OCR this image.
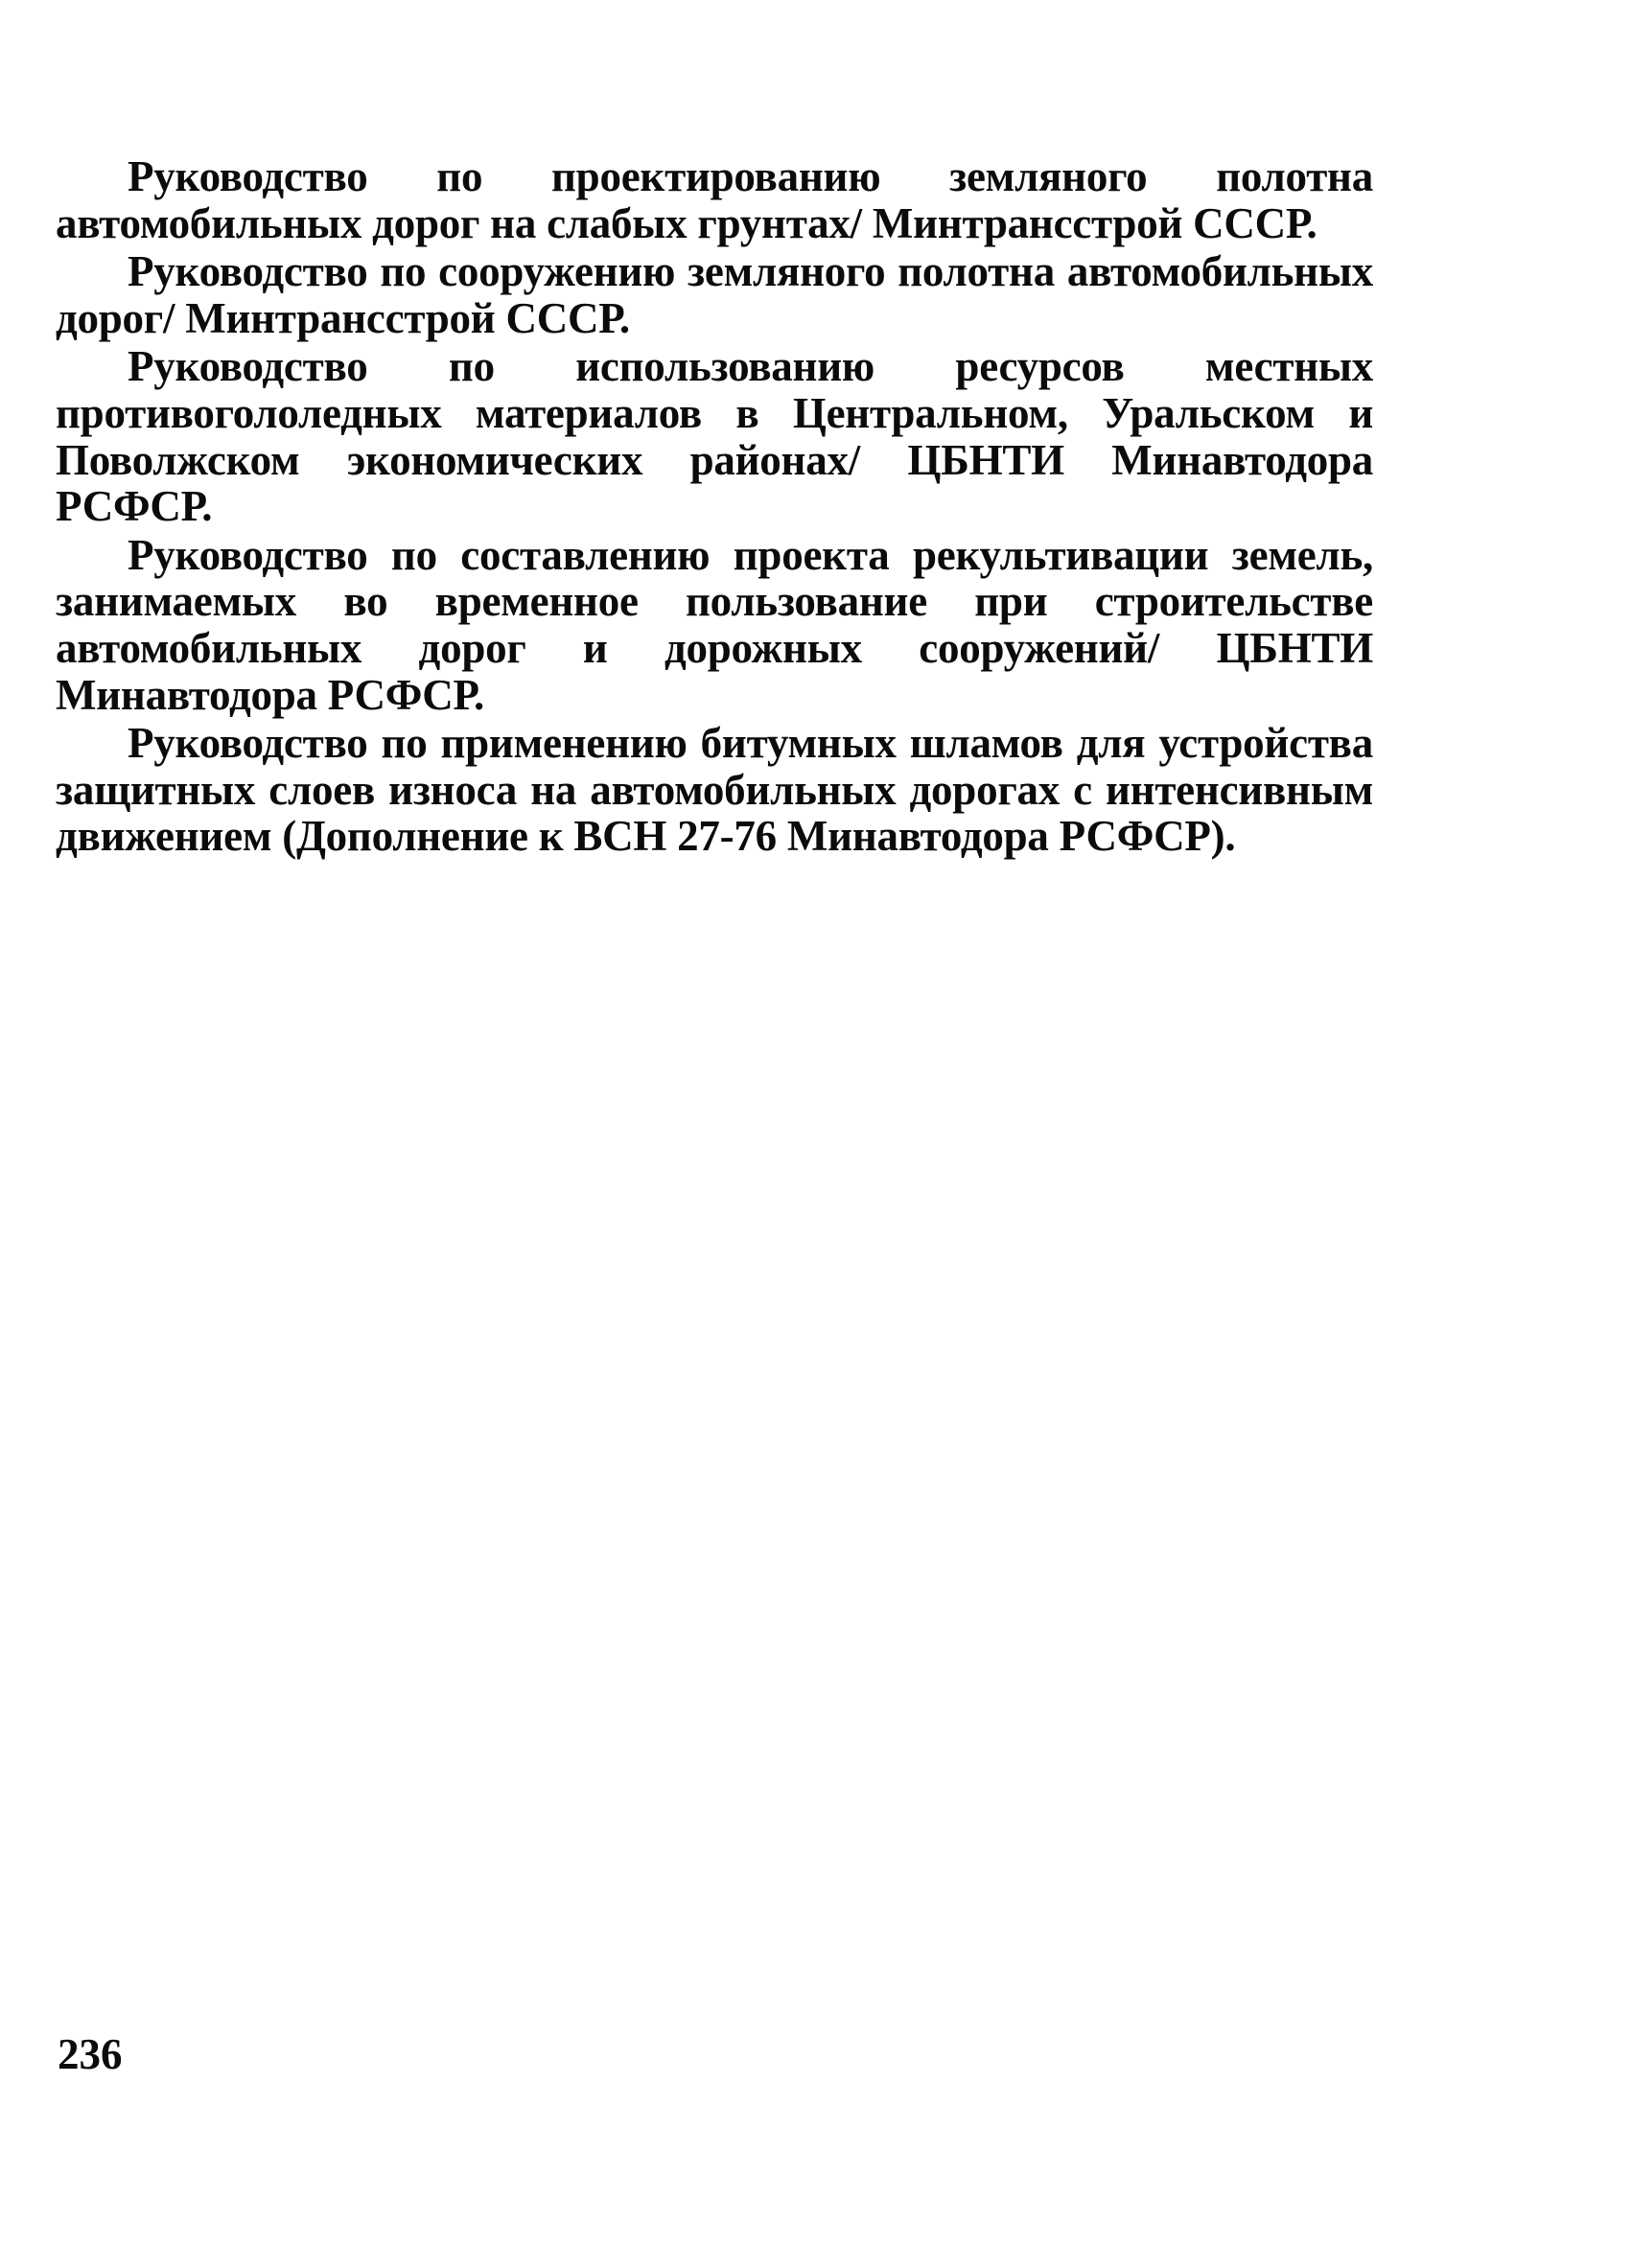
Руководство по проектированию земляного полотна автомобильных дорог на слабых грунтах/ Минтрансстрой СССР.

Руководство по сооружению земляного полотна автомобильных дорог/ Минтрансстрой СССР.

Руководство по использованию ресурсов местных противогололедных материалов в Центральном, Уральском и Поволжском экономических районах/ ЦБНТИ Минавтодора РСФСР.

Руководство по составлению проекта рекультивации земель, занимаемых во временное пользование при строительстве автомобильных дорог и дорожных сооружений/ ЦБНТИ Минавтодора РСФСР.

Руководство по применению битумных шламов для устройства защитных слоев износа на автомобильных дорогах с интенсивным движением (Дополнение к ВСН 27-76 Минавтодора РСФСР).

236
